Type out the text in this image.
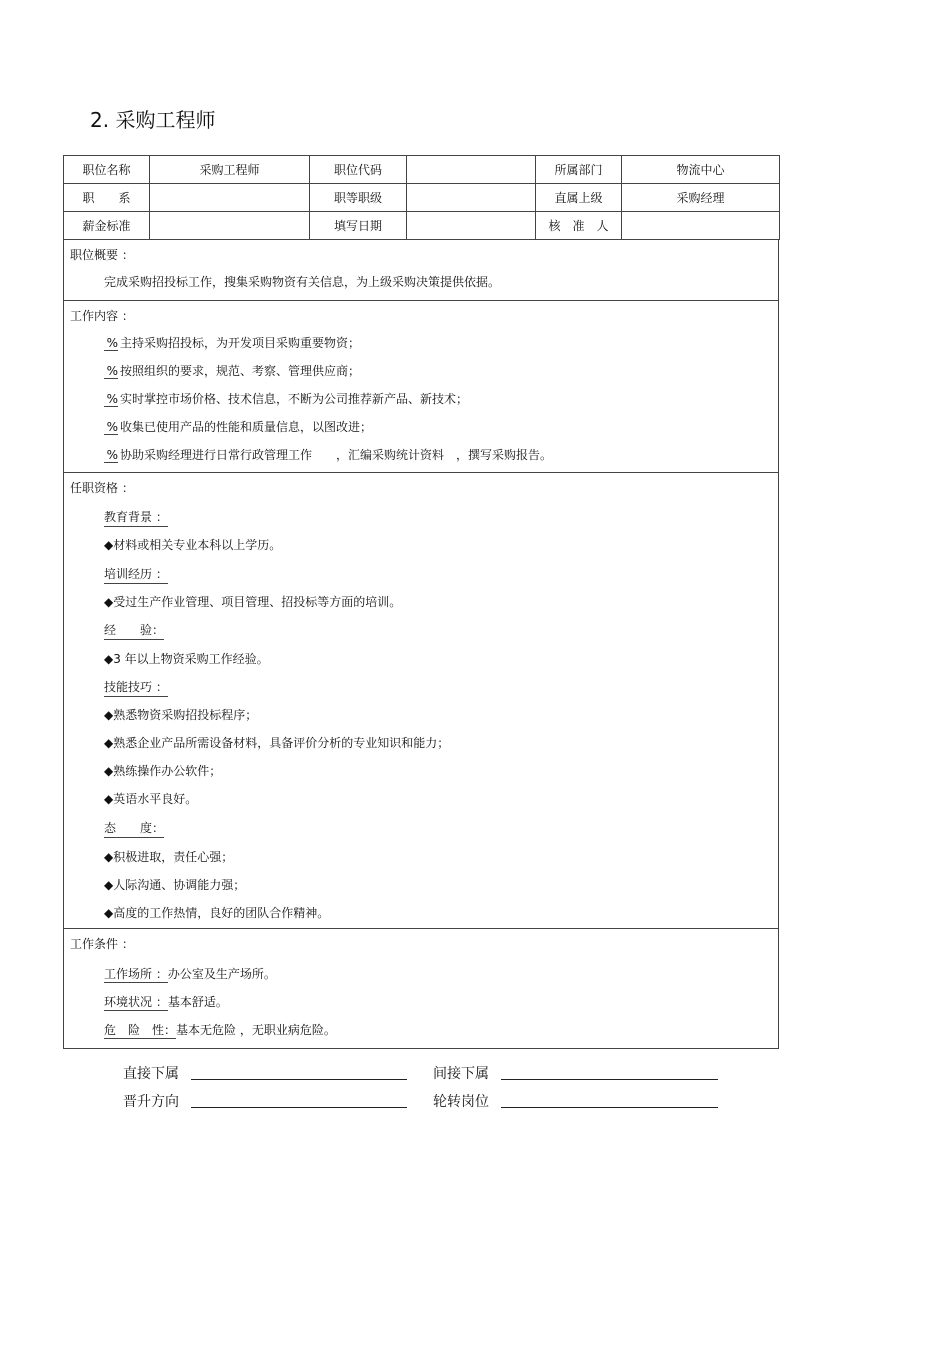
2. 采购工程师
职位名称	采购工程师	职位代码		所属部门	物流中心
职　　系		职等职级		直属上级	采购经理
薪金标准		填写日期		核　准　人	
职位概要 ：
完成采购招投标工作，搜集采购物资有关信息，为上级采购决策提供依据。
工作内容 ：
% 主持采购招投标，为开发项目采购重要物资；
% 按照组织的要求，规范、考察、管理供应商；
% 实时掌控市场价格、技术信息，不断为公司推荐新产品、新技术；
% 收集已使用产品的性能和质量信息，以图改进；
% 协助采购经理进行日常行政管理工作　　，汇编采购统计资料　，撰写采购报告。
任职资格 ：
教育背景 ：
◆材料或相关专业本科以上学历。
培训经历 ：
◆受过生产作业管理、项目管理、招投标等方面的培训。
经　　验：
◆3 年以上物资采购工作经验。
技能技巧 ：
◆熟悉物资采购招投标程序；
◆熟悉企业产品所需设备材料，具备评价分析的专业知识和能力；
◆熟练操作办公软件；
◆英语水平良好。
态　　度：
◆积极进取，责任心强；
◆人际沟通、协调能力强；
◆高度的工作热情，良好的团队合作精神。
工作条件 ：
工作场所 ：办公室及生产场所。
环境状况 ：基本舒适。
危　险　性：基本无危险 ，无职业病危险。
直接下属	间接下属
晋升方向	轮转岗位
